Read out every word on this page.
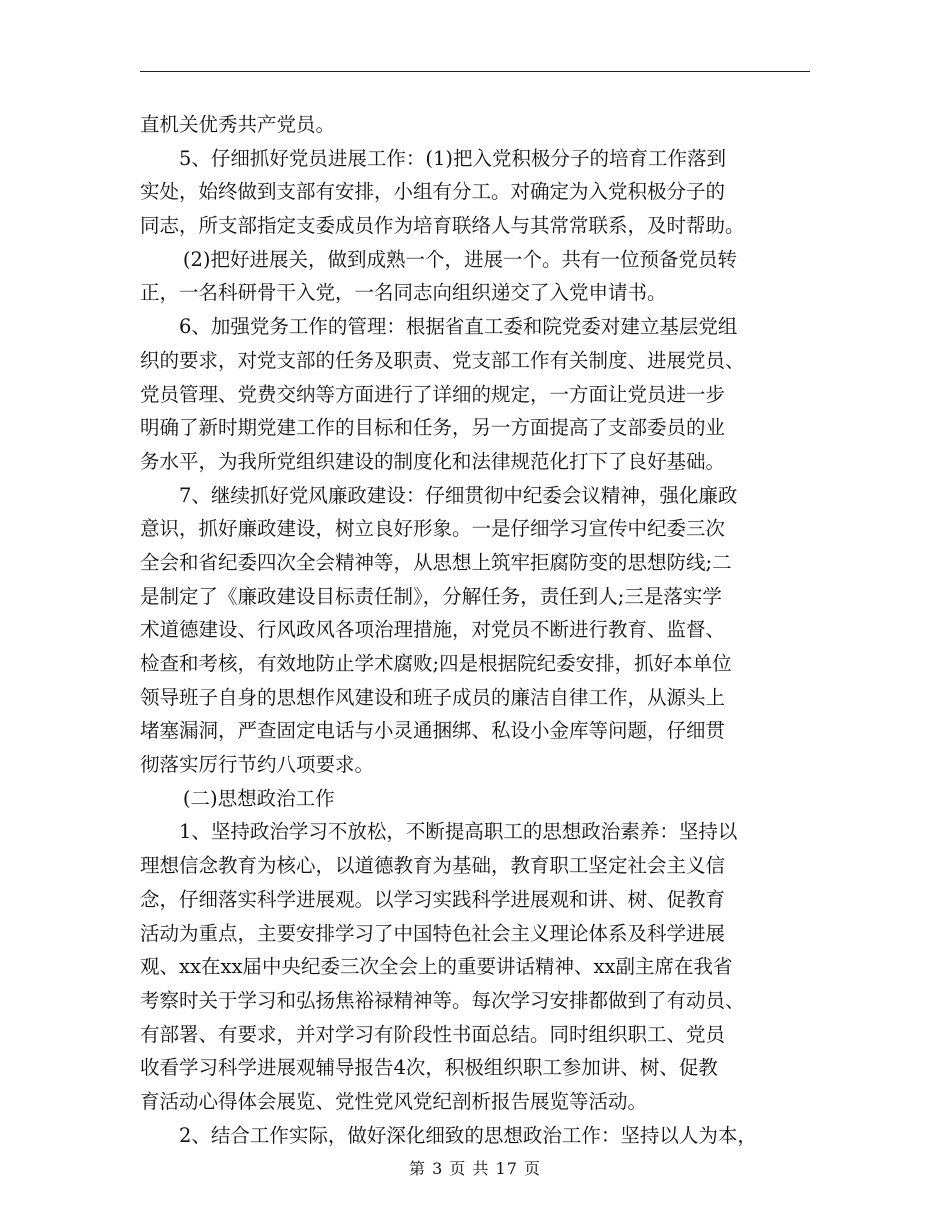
直机关优秀共产党员。
5、仔细抓好党员进展工作：(1)把入党积极分子的培育工作落到
实处，始终做到支部有安排，小组有分工。对确定为入党积极分子的
同志，所支部指定支委成员作为培育联络人与其常常联系，及时帮助。
(2)把好进展关，做到成熟一个，进展一个。共有一位预备党员转
正，一名科研骨干入党，一名同志向组织递交了入党申请书。
6、加强党务工作的管理：根据省直工委和院党委对建立基层党组
织的要求，对党支部的任务及职责、党支部工作有关制度、进展党员、
党员管理、党费交纳等方面进行了详细的规定，一方面让党员进一步
明确了新时期党建工作的目标和任务，另一方面提高了支部委员的业
务水平，为我所党组织建设的制度化和法律规范化打下了良好基础。
7、继续抓好党风廉政建设：仔细贯彻中纪委会议精神，强化廉政
意识，抓好廉政建设，树立良好形象。一是仔细学习宣传中纪委三次
全会和省纪委四次全会精神等，从思想上筑牢拒腐防变的思想防线;二
是制定了《廉政建设目标责任制》，分解任务，责任到人;三是落实学
术道德建设、行风政风各项治理措施，对党员不断进行教育、监督、
检查和考核，有效地防止学术腐败;四是根据院纪委安排，抓好本单位
领导班子自身的思想作风建设和班子成员的廉洁自律工作，从源头上
堵塞漏洞，严查固定电话与小灵通捆绑、私设小金库等问题，仔细贯
彻落实厉行节约八项要求。
(二)思想政治工作
1、坚持政治学习不放松，不断提高职工的思想政治素养：坚持以
理想信念教育为核心，以道德教育为基础，教育职工坚定社会主义信
念，仔细落实科学进展观。以学习实践科学进展观和讲、树、促教育
活动为重点，主要安排学习了中国特色社会主义理论体系及科学进展
观、xx在xx届中央纪委三次全会上的重要讲话精神、xx副主席在我省
考察时关于学习和弘扬焦裕禄精神等。每次学习安排都做到了有动员、
有部署、有要求，并对学习有阶段性书面总结。同时组织职工、党员
收看学习科学进展观辅导报告4次，积极组织职工参加讲、树、促教
育活动心得体会展览、党性党风党纪剖析报告展览等活动。
2、结合工作实际，做好深化细致的思想政治工作：坚持以人为本，
第 3 页 共 17 页
